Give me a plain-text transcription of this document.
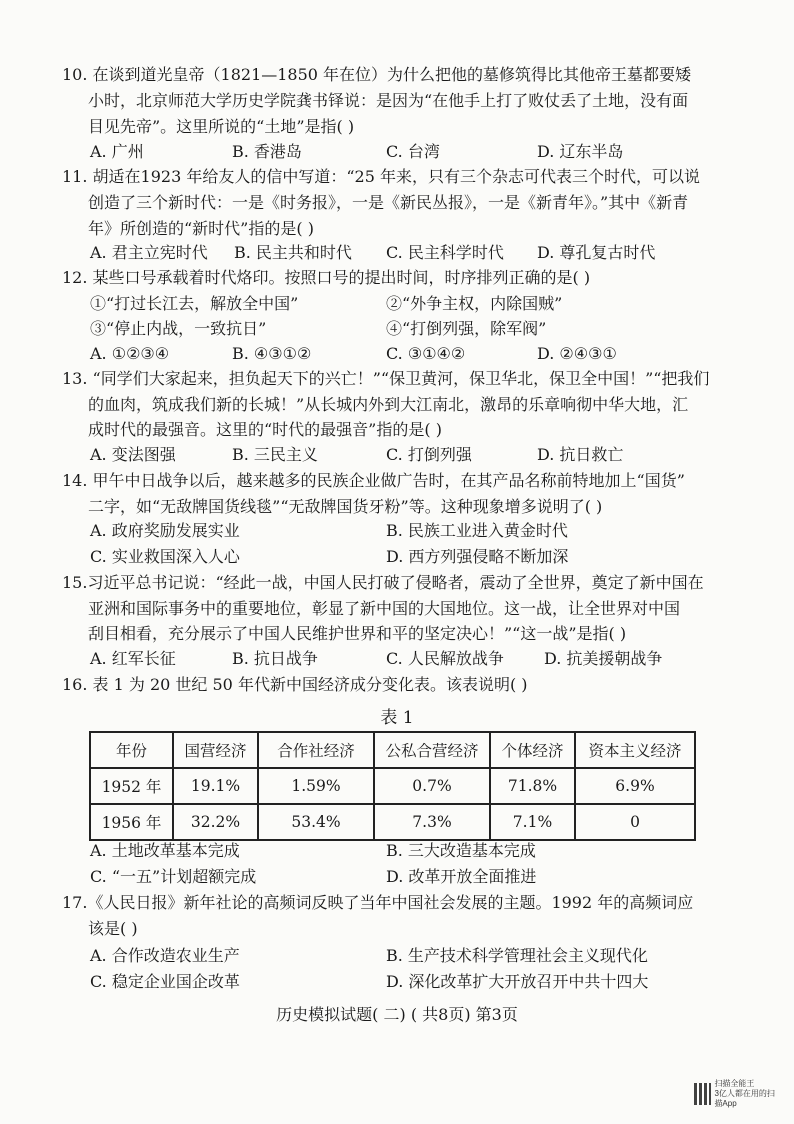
10. 在谈到道光皇帝（1821—1850 年在位）为什么把他的墓修筑得比其他帝王墓都要矮
小时，北京师范大学历史学院龚书铎说：是因为“在他手上打了败仗丢了土地，没有面
目见先帝”。这里所说的“土地”是指( )
A. 广州	B. 香港岛	C. 台湾	D. 辽东半岛
11. 胡适在1923 年给友人的信中写道：“25 年来，只有三个杂志可代表三个时代，可以说
创造了三个新时代：一是《时务报》，一是《新民丛报》，一是《新青年》。”其中《新青
年》所创造的“新时代”指的是( )
A. 君主立宪时代 B. 民主共和时代 C. 民主科学时代 D. 尊孔复古时代
12. 某些口号承载着时代烙印。按照口号的提出时间，时序排列正确的是( )
①“打过长江去，解放全中国”	②“外争主权，内除国贼”
③“停止内战，一致抗日”	④“打倒列强，除军阀”
A. ①②③④	B. ④③①②	C. ③①④②	D. ②④③①
13. “同学们大家起来，担负起天下的兴亡！”“保卫黄河，保卫华北，保卫全中国！”“把我们
的血肉，筑成我们新的长城！”从长城内外到大江南北，激昂的乐章响彻中华大地，汇
成时代的最强音。这里的“时代的最强音”指的是( )
A. 变法图强	B. 三民主义	C. 打倒列强	D. 抗日救亡
14. 甲午中日战争以后，越来越多的民族企业做广告时，在其产品名称前特地加上“国货”
二字，如“无敌牌国货线毯”“无敌牌国货牙粉”等。这种现象增多说明了( )
A. 政府奖励发展实业	B. 民族工业进入黄金时代
C. 实业救国深入人心	D. 西方列强侵略不断加深
15.习近平总书记说：“经此一战，中国人民打破了侵略者，震动了全世界，奠定了新中国在
亚洲和国际事务中的重要地位，彰显了新中国的大国地位。这一战，让全世界对中国
刮目相看，充分展示了中国人民维护世界和平的坚定决心！”“这一战”是指( )
A. 红军长征	B. 抗日战争	C. 人民解放战争	D. 抗美援朝战争
16. 表 1 为 20 世纪 50 年代新中国经济成分变化表。该表说明( )
表 1
年份	国营经济	合作社经济	公私合营经济	个体经济	资本主义经济
1952 年	19.1%	1.59%	0.7%	71.8%	6.9%
1956 年	32.2%	53.4%	7.3%	7.1%	0
A. 土地改革基本完成	B. 三大改造基本完成
C. “一五”计划超额完成	D. 改革开放全面推进
17.《人民日报》新年社论的高频词反映了当年中国社会发展的主题。1992 年的高频词应
该是( )
A. 合作改造农业生产	B. 生产技术科学管理社会主义现代化
C. 稳定企业国企改革	D. 深化改革扩大开放召开中共十四大
历史模拟试题( 二) ( 共8页) 第3页
扫描全能王
3亿人都在用的扫描App
